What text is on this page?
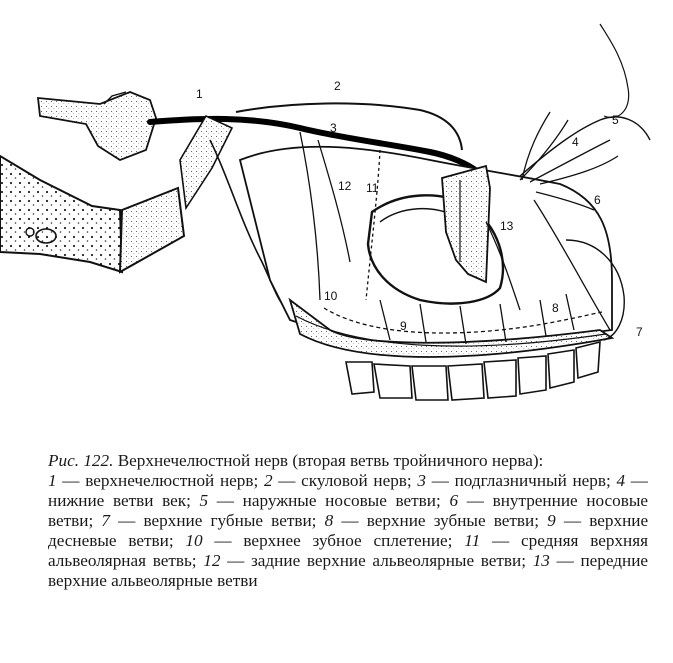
1
2
3
4
5
6
7
8
9
10
11
12
13

Рис. 122. Верхнечелюстной нерв (вторая ветвь тройничного нерва):

1 — верхнечелюстной нерв; 2 — скуловой нерв; 3 — подглазничный нерв; 4 — нижние ветви век; 5 — наружные носовые ветви; 6 — внутренние носовые ветви; 7 — верхние губные ветви; 8 — верхние зубные ветви; 9 — верхние десневые ветви; 10 — верхнее зубное сплетение; 11 — средняя верхняя альвеолярная ветвь; 12 — задние верхние альвеолярные ветви; 13 — передние верхние альвеолярные ветви
